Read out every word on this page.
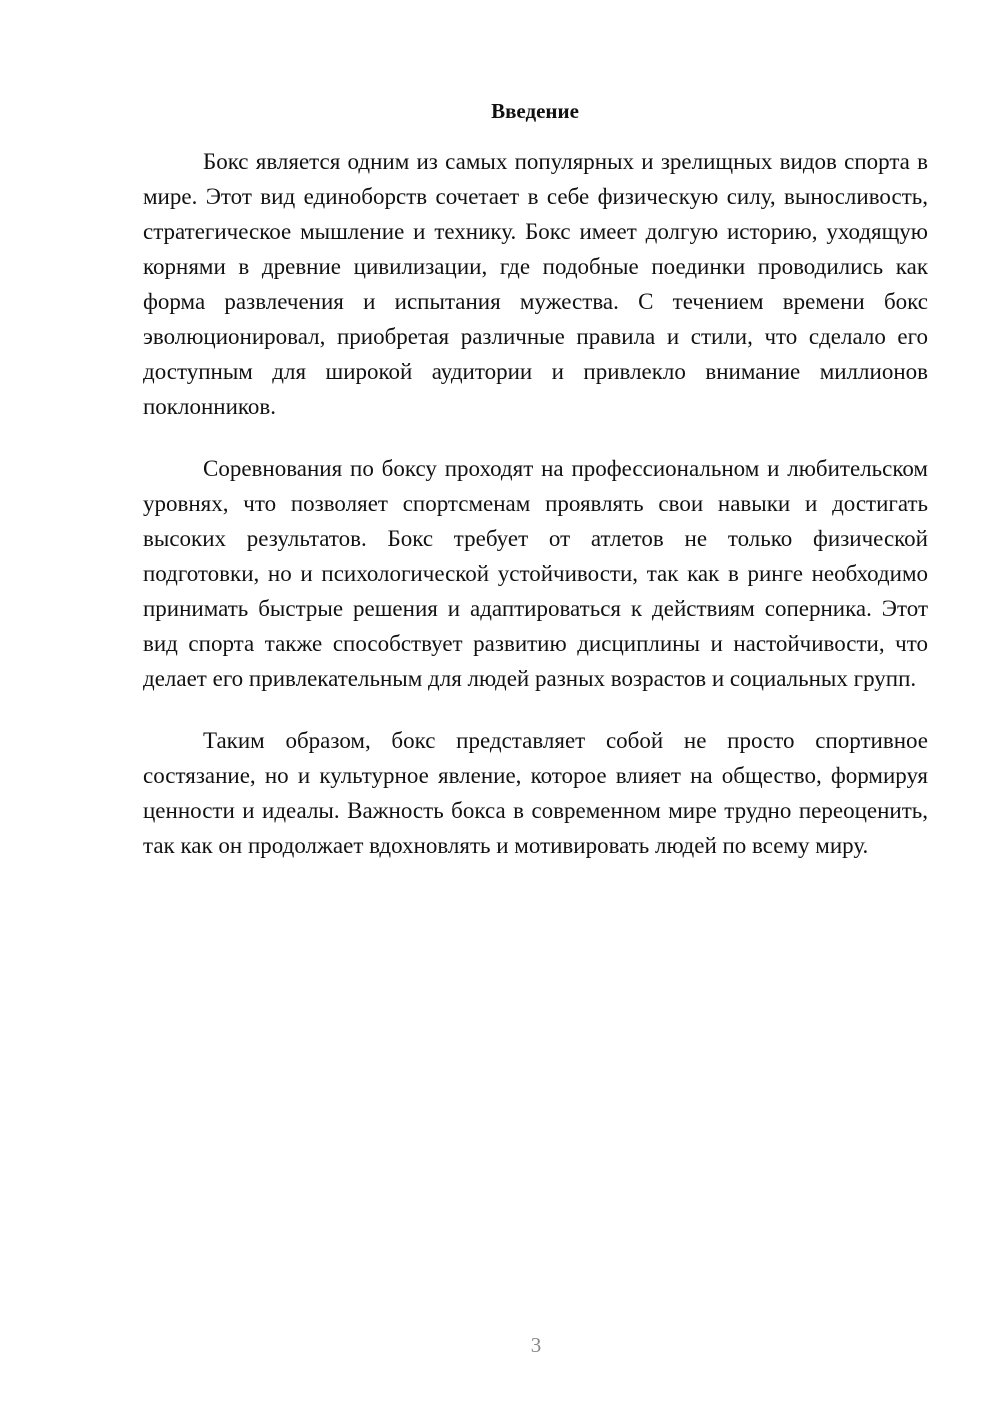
Введение

Бокс является одним из самых популярных и зрелищных видов спорта в мире. Этот вид единоборств сочетает в себе физическую силу, выносливость, стратегическое мышление и технику. Бокс имеет долгую историю, уходящую корнями в древние цивилизации, где подобные поединки проводились как форма развлечения и испытания мужества. С течением времени бокс эволюционировал, приобретая различные правила и стили, что сделало его доступным для широкой аудитории и привлекло внимание миллионов поклонников.

Соревнования по боксу проходят на профессиональном и любительском уровнях, что позволяет спортсменам проявлять свои навыки и достигать высоких результатов. Бокс требует от атлетов не только физической подготовки, но и психологической устойчивости, так как в ринге необходимо принимать быстрые решения и адаптироваться к действиям соперника. Этот вид спорта также способствует развитию дисциплины и настойчивости, что делает его привлекательным для людей разных возрастов и социальных групп.

Таким образом, бокс представляет собой не просто спортивное состязание, но и культурное явление, которое влияет на общество, формируя ценности и идеалы. Важность бокса в современном мире трудно переоценить, так как он продолжает вдохновлять и мотивировать людей по всему миру.

3
